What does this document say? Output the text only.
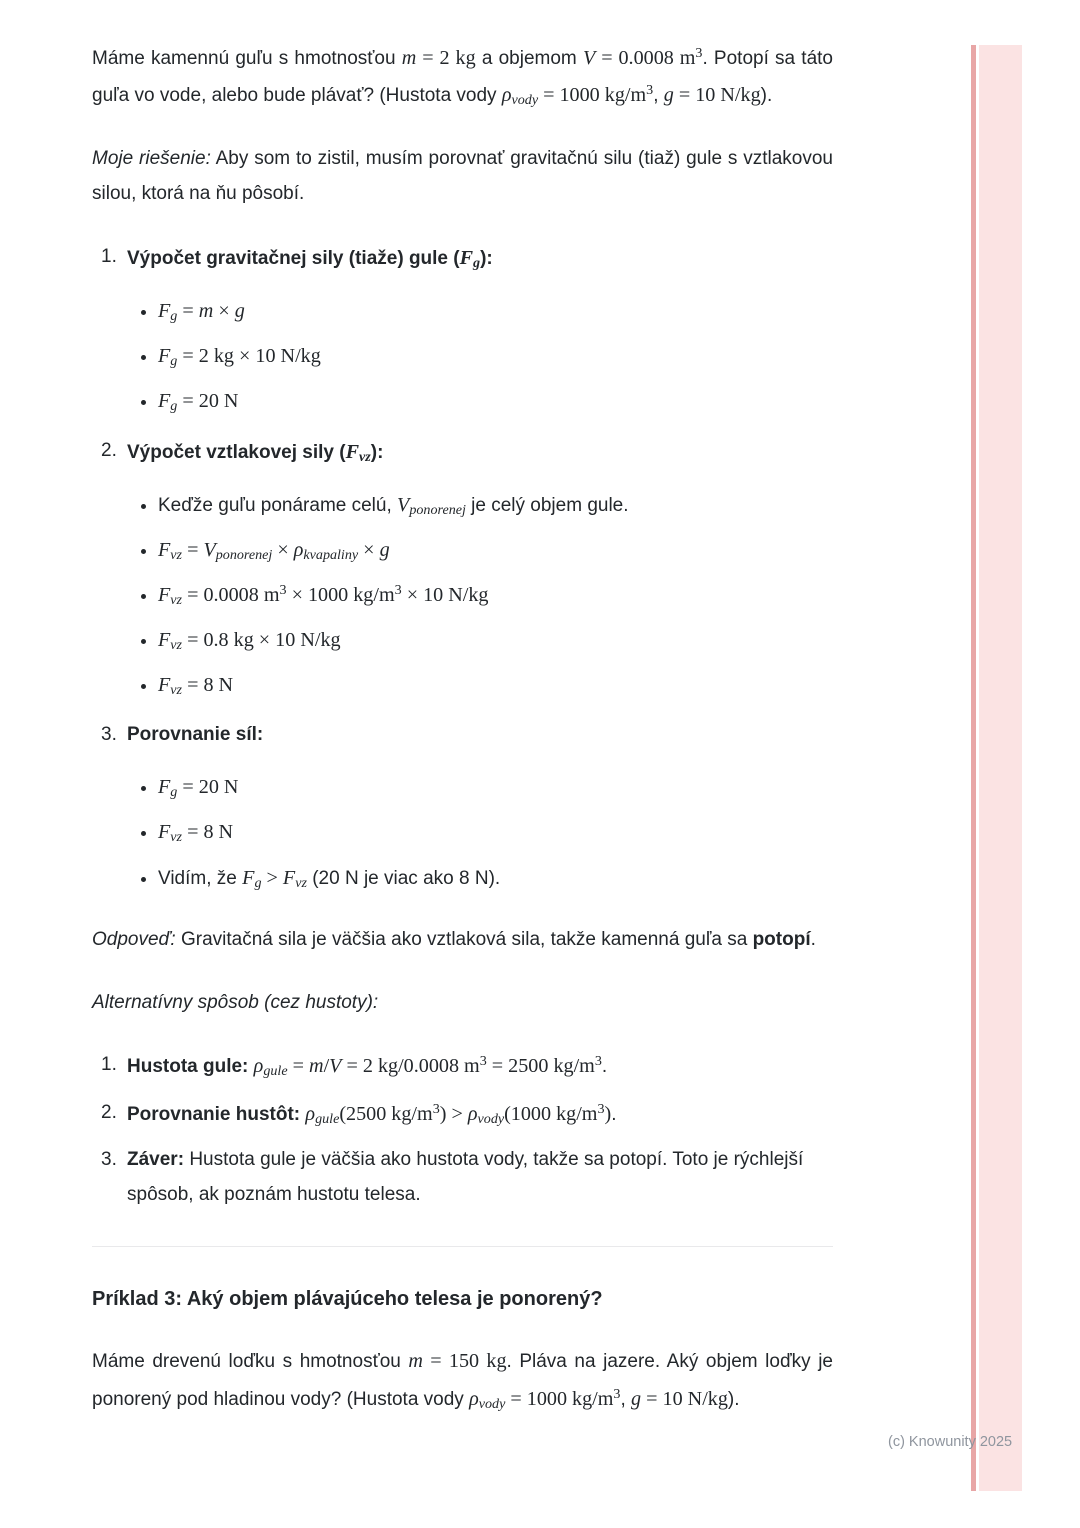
Máme kamennú guľu s hmotnosťou m = 2 kg a objemom V = 0.0008 $m^3$. Potopí sa táto guľa vo vode, alebo bude plávať? (Hustota vody $\rho_{vody} = 1000$ $kg/m^3$, g = 10 N/kg).

Moje riešenie: Aby som to zistil, musím porovnať gravitačnú silu (tiaž) gule s vztlakovou silou, ktorá na ňu pôsobí.

Výpočet gravitačnej sily (tiaže) gule $(F_g)$:
• $F_g = m \times g$
• $F_g = 2$ kg × 10 N/kg
• $F_g = 20$ N
Výpočet vztlakovej sily $(F_{vz})$:
• Keďže guľu ponárame celú, $V_{ponorenej}$ je celý objem gule.
• $F_{vz} = V_{ponorenej} \times \rho_{kvapaliny} \times g$
• $F_{vz} = 0.0008$ $m^3 \times 1000$ $kg/m^3 \times 10$ N/kg
• $F_{vz} = 0.8$ kg × 10 N/kg
• $F_{vz} = 8$ N
Porovnanie síl:
• $F_g = 20$ N
• $F_{vz} = 8$ N
• Vidím, že $F_g > F_{vz}$ (20 N je viac ako 8 N).

Odpoveď: Gravitačná sila je väčšia ako vztlaková sila, takže kamenná guľa sa potopí.

Alternatívny spôsob (cez hustoty):

Hustota gule: $\rho_{gule} = m/V = 2$ kg/0.0008 $m^3 = 2500$ $kg/m^3$.
Porovnanie hustôt: $\rho_{gule}(2500$ $kg/m^3) > \rho_{vody}(1000$ $kg/m^3$).
Záver: Hustota gule je väčšia ako hustota vody, takže sa potopí. Toto je rýchlejší spôsob, ak poznám hustotu telesa.
Príklad 3: Aký objem plávajúceho telesa je ponorený?

Máme drevenú loďku s hmotnosťou m = 150 kg. Pláva na jazere. Aký objem loďky je ponorený pod hladinou vody? (Hustota vody $\rho_{vody} = 1000$ $kg/m^3$, g = 10 N/kg).

(c) Knowunity 2025
